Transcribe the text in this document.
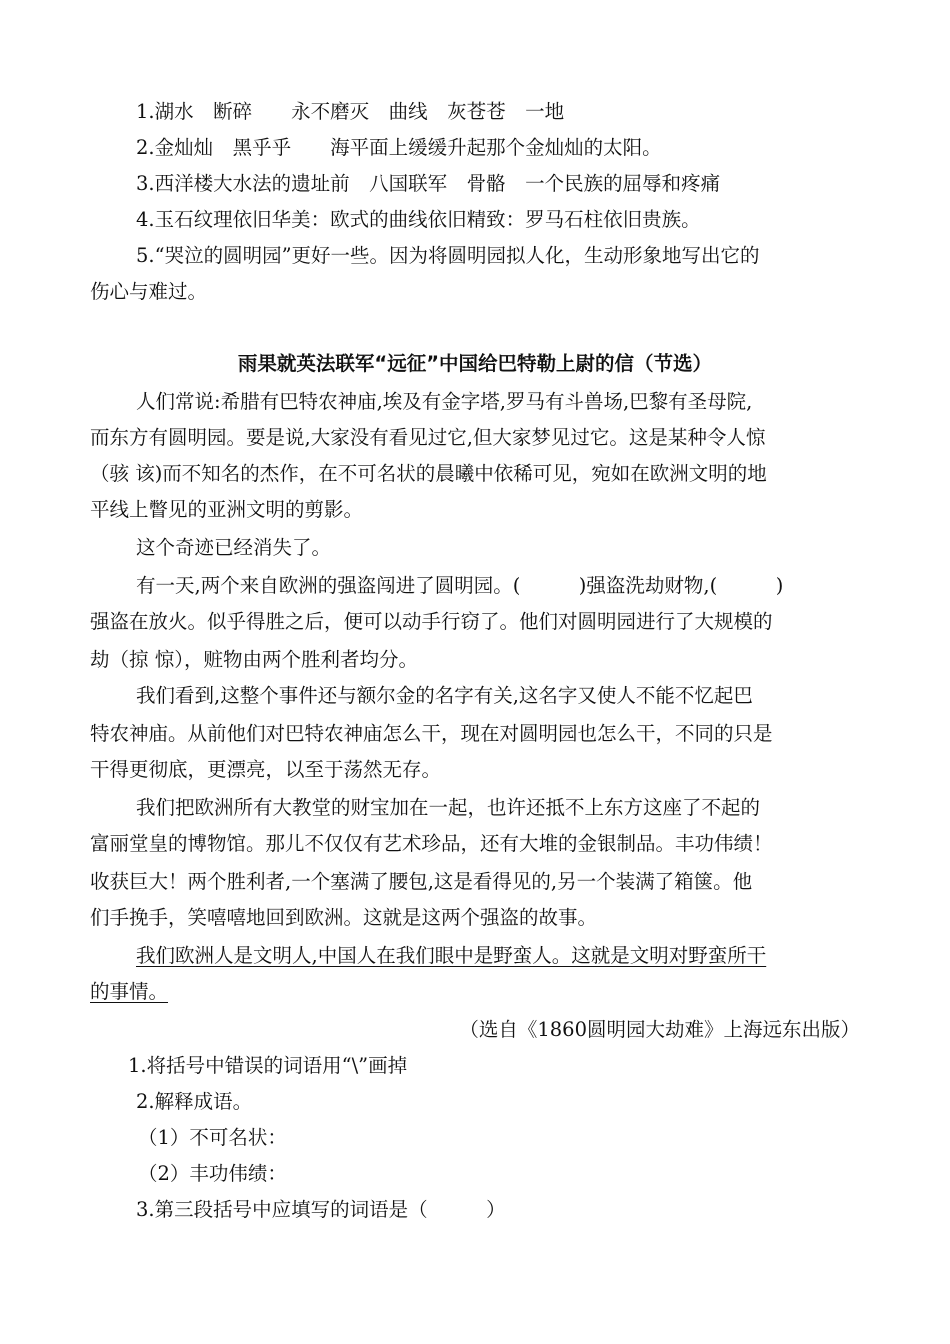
1.湖水　断碎　　永不磨灭　曲线　灰苍苍　一地
2.金灿灿　黑乎乎　　海平面上缓缓升起那个金灿灿的太阳。
3.西洋楼大水法的遗址前　八国联军　骨骼　一个民族的屈辱和疼痛
4.玉石纹理依旧华美：欧式的曲线依旧精致：罗马石柱依旧贵族。
5.“哭泣的圆明园”更好一些。因为将圆明园拟人化，生动形象地写出它的
伤心与难过。
雨果就英法联军“远征”中国给巴特勒上尉的信（节选）
人们常说:希腊有巴特农神庙,埃及有金字塔,罗马有斗兽场,巴黎有圣母院,
而东方有圆明园。要是说,大家没有看见过它,但大家梦见过它。这是某种令人惊
（骇 该)而不知名的杰作，在不可名状的晨曦中依稀可见，宛如在欧洲文明的地
平线上瞥见的亚洲文明的剪影。
这个奇迹已经消失了。
有一天,两个来自欧洲的强盗闯进了圆明园。(　　　)强盗洗劫财物,(　　　)
强盗在放火。似乎得胜之后，便可以动手行窃了。他们对圆明园进行了大规模的
劫（掠 惊），赃物由两个胜利者均分。
我们看到,这整个事件还与额尔金的名字有关,这名字又使人不能不忆起巴
特农神庙。从前他们对巴特农神庙怎么干，现在对圆明园也怎么干，不同的只是
干得更彻底，更漂亮，以至于荡然无存。
我们把欧洲所有大教堂的财宝加在一起，也许还抵不上东方这座了不起的
富丽堂皇的博物馆。那儿不仅仅有艺术珍品，还有大堆的金银制品。丰功伟绩！
收获巨大！两个胜利者,一个塞满了腰包,这是看得见的,另一个装满了箱箧。他
们手挽手，笑嘻嘻地回到欧洲。这就是这两个强盗的故事。
我们欧洲人是文明人,中国人在我们眼中是野蛮人。这就是文明对野蛮所干
的事情。
（选自《1860圆明园大劫难》上海远东出版）
1.将括号中错误的词语用“\”画掉
2.解释成语。
（1）不可名状：
（2）丰功伟绩：
3.第三段括号中应填写的词语是（　　　）
